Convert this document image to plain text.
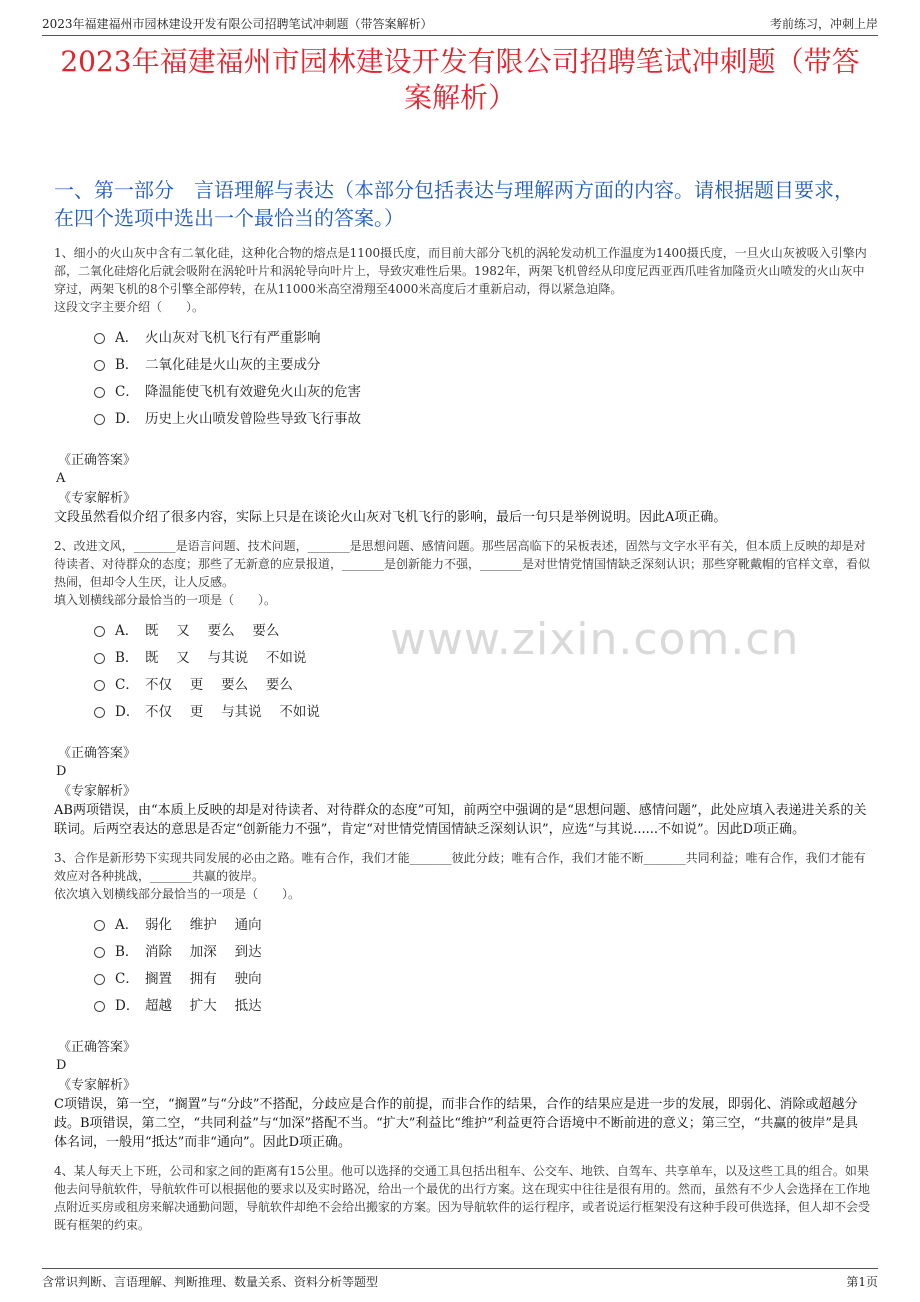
2023年福建福州市园林建设开发有限公司招聘笔试冲刺题（带答案解析）	考前练习，冲刺上岸
2023年福建福州市园林建设开发有限公司招聘笔试冲刺题（带答案解析）
一、第一部分　言语理解与表达（本部分包括表达与理解两方面的内容。请根据题目要求，在四个选项中选出一个最恰当的答案。）
www.zixin.com.cn
1、细小的火山灰中含有二氧化硅，这种化合物的熔点是1100摄氏度，而目前大部分飞机的涡轮发动机工作温度为1400摄氏度，一旦火山灰被吸入引擎内部，二氧化硅熔化后就会吸附在涡轮叶片和涡轮导向叶片上，导致灾难性后果。1982年，两架飞机曾经从印度尼西亚西爪哇省加隆贡火山喷发的火山灰中穿过，两架飞机的8个引擎全部停转，在从11000米高空滑翔至4000米高度后才重新启动，得以紧急迫降。
这段文字主要介绍（　　）。
A． 火山灰对飞机飞行有严重影响
B． 二氧化硅是火山灰的主要成分
C． 降温能使飞机有效避免火山灰的危害
D． 历史上火山喷发曾险些导致飞行事故
《正确答案》
A
《专家解析》
文段虽然看似介绍了很多内容，实际上只是在谈论火山灰对飞机飞行的影响，最后一句只是举例说明。因此A项正确。
2、改进文风，_______是语言问题、技术问题，_______是思想问题、感情问题。那些居高临下的呆板表述，固然与文字水平有关，但本质上反映的却是对待读者、对待群众的态度；那些了无新意的应景报道，_______是创新能力不强，_______是对世情党情国情缺乏深刻认识；那些穿靴戴帽的官样文章，看似热闹，但却令人生厌，让人反感。
填入划横线部分最恰当的一项是（　　）。
A． 既　 又　 要么　 要么
B． 既　 又　 与其说　 不如说
C． 不仅　 更　 要么　 要么
D． 不仅　 更　 与其说　 不如说
《正确答案》
D
《专家解析》
AB两项错误，由“本质上反映的却是对待读者、对待群众的态度”可知，前两空中强调的是“思想问题、感情问题”，此处应填入表递进关系的关联词。后两空表达的意思是否定“创新能力不强”，肯定“对世情党情国情缺乏深刻认识”，应选“与其说......不如说”。因此D项正确。
3、合作是新形势下实现共同发展的必由之路。唯有合作，我们才能_______彼此分歧；唯有合作，我们才能不断_______共同利益；唯有合作，我们才能有效应对各种挑战，_______共赢的彼岸。
依次填入划横线部分最恰当的一项是（　　）。
A． 弱化　 维护　 通向
B． 消除　 加深　 到达
C． 搁置　 拥有　 驶向
D． 超越　 扩大　 抵达
《正确答案》
D
《专家解析》
C项错误，第一空，“搁置”与“分歧”不搭配，分歧应是合作的前提，而非合作的结果，合作的结果应是进一步的发展，即弱化、消除或超越分歧。B项错误，第二空，“共同利益”与“加深”搭配不当。“扩大”利益比“维护”利益更符合语境中不断前进的意义；第三空，“共赢的彼岸”是具体名词，一般用“抵达”而非“通向”。因此D项正确。
4、某人每天上下班，公司和家之间的距离有15公里。他可以选择的交通工具包括出租车、公交车、地铁、自驾车、共享单车，以及这些工具的组合。如果他去问导航软件，导航软件可以根据他的要求以及实时路况，给出一个最优的出行方案。这在现实中往往是很有用的。然而，虽然有不少人会选择在工作地点附近买房或租房来解决通勤问题，导航软件却绝不会给出搬家的方案。因为导航软件的运行程序，或者说运行框架没有这种手段可供选择，但人却不会受既有框架的约束。
含常识判断、言语理解、判断推理、数量关系、资料分析等题型	第1页
